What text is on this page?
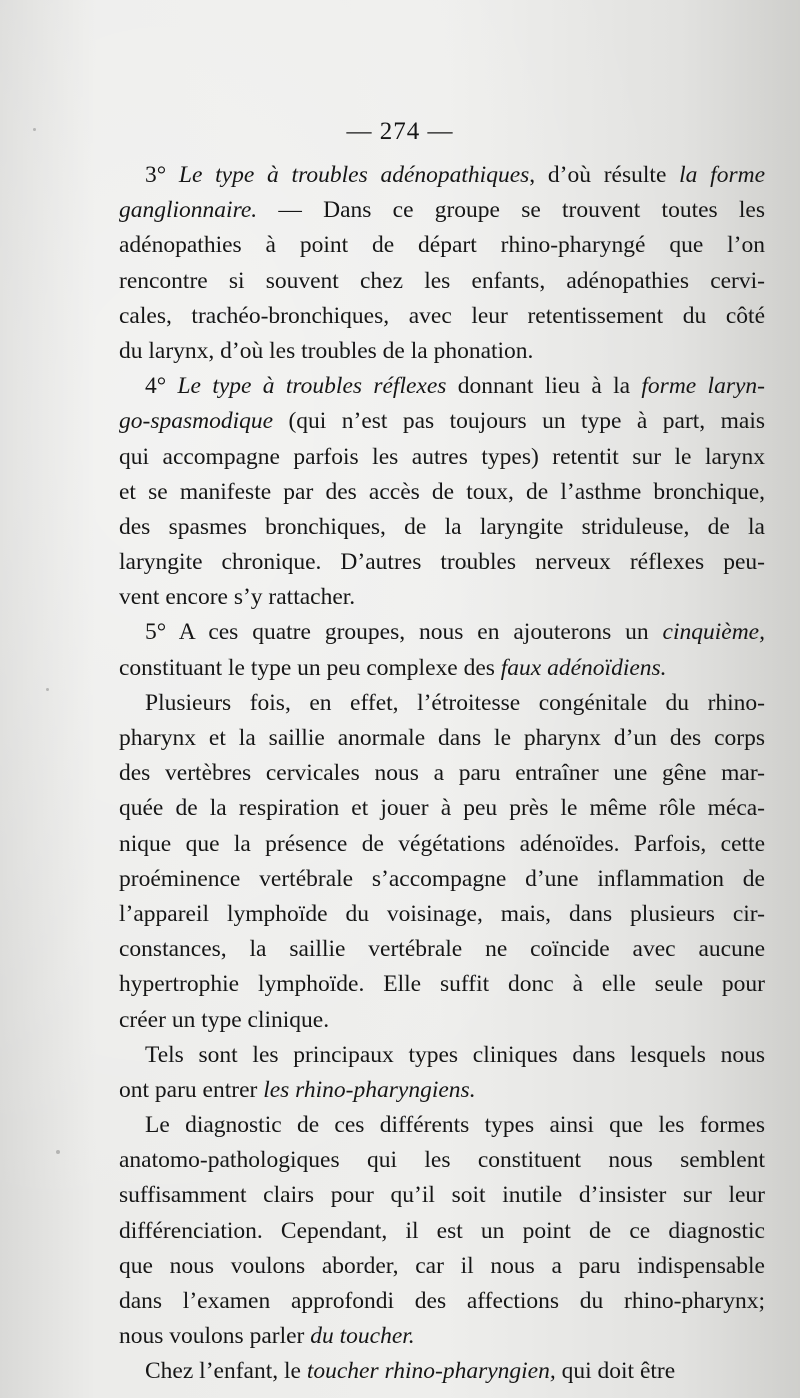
— 274 —
3° Le type à troubles adénopathiques, d’où résulte la forme
ganglionnaire. — Dans ce groupe se trouvent toutes les
adénopathies à point de départ rhino-pharyngé que l’on
rencontre si souvent chez les enfants, adénopathies cervi-
cales, trachéo-bronchiques, avec leur retentissement du côté
du larynx, d’où les troubles de la phonation.
4° Le type à troubles réflexes donnant lieu à la forme laryn-
go-spasmodique (qui n’est pas toujours un type à part, mais
qui accompagne parfois les autres types) retentit sur le larynx
et se manifeste par des accès de toux, de l’asthme bronchique,
des spasmes bronchiques, de la laryngite striduleuse, de la
laryngite chronique. D’autres troubles nerveux réflexes peu-
vent encore s’y rattacher.
5° A ces quatre groupes, nous en ajouterons un cinquième,
constituant le type un peu complexe des faux adénoïdiens.
Plusieurs fois, en effet, l’étroitesse congénitale du rhino-
pharynx et la saillie anormale dans le pharynx d’un des corps
des vertèbres cervicales nous a paru entraîner une gêne mar-
quée de la respiration et jouer à peu près le même rôle méca-
nique que la présence de végétations adénoïdes. Parfois, cette
proéminence vertébrale s’accompagne d’une inflammation de
l’appareil lymphoïde du voisinage, mais, dans plusieurs cir-
constances, la saillie vertébrale ne coïncide avec aucune
hypertrophie lymphoïde. Elle suffit donc à elle seule pour
créer un type clinique.
Tels sont les principaux types cliniques dans lesquels nous
ont paru entrer les rhino-pharyngiens.
Le diagnostic de ces différents types ainsi que les formes
anatomo-pathologiques qui les constituent nous semblent
suffisamment clairs pour qu’il soit inutile d’insister sur leur
différenciation. Cependant, il est un point de ce diagnostic
que nous voulons aborder, car il nous a paru indispensable
dans l’examen approfondi des affections du rhino-pharynx;
nous voulons parler du toucher.
Chez l’enfant, le toucher rhino-pharyngien, qui doit être
